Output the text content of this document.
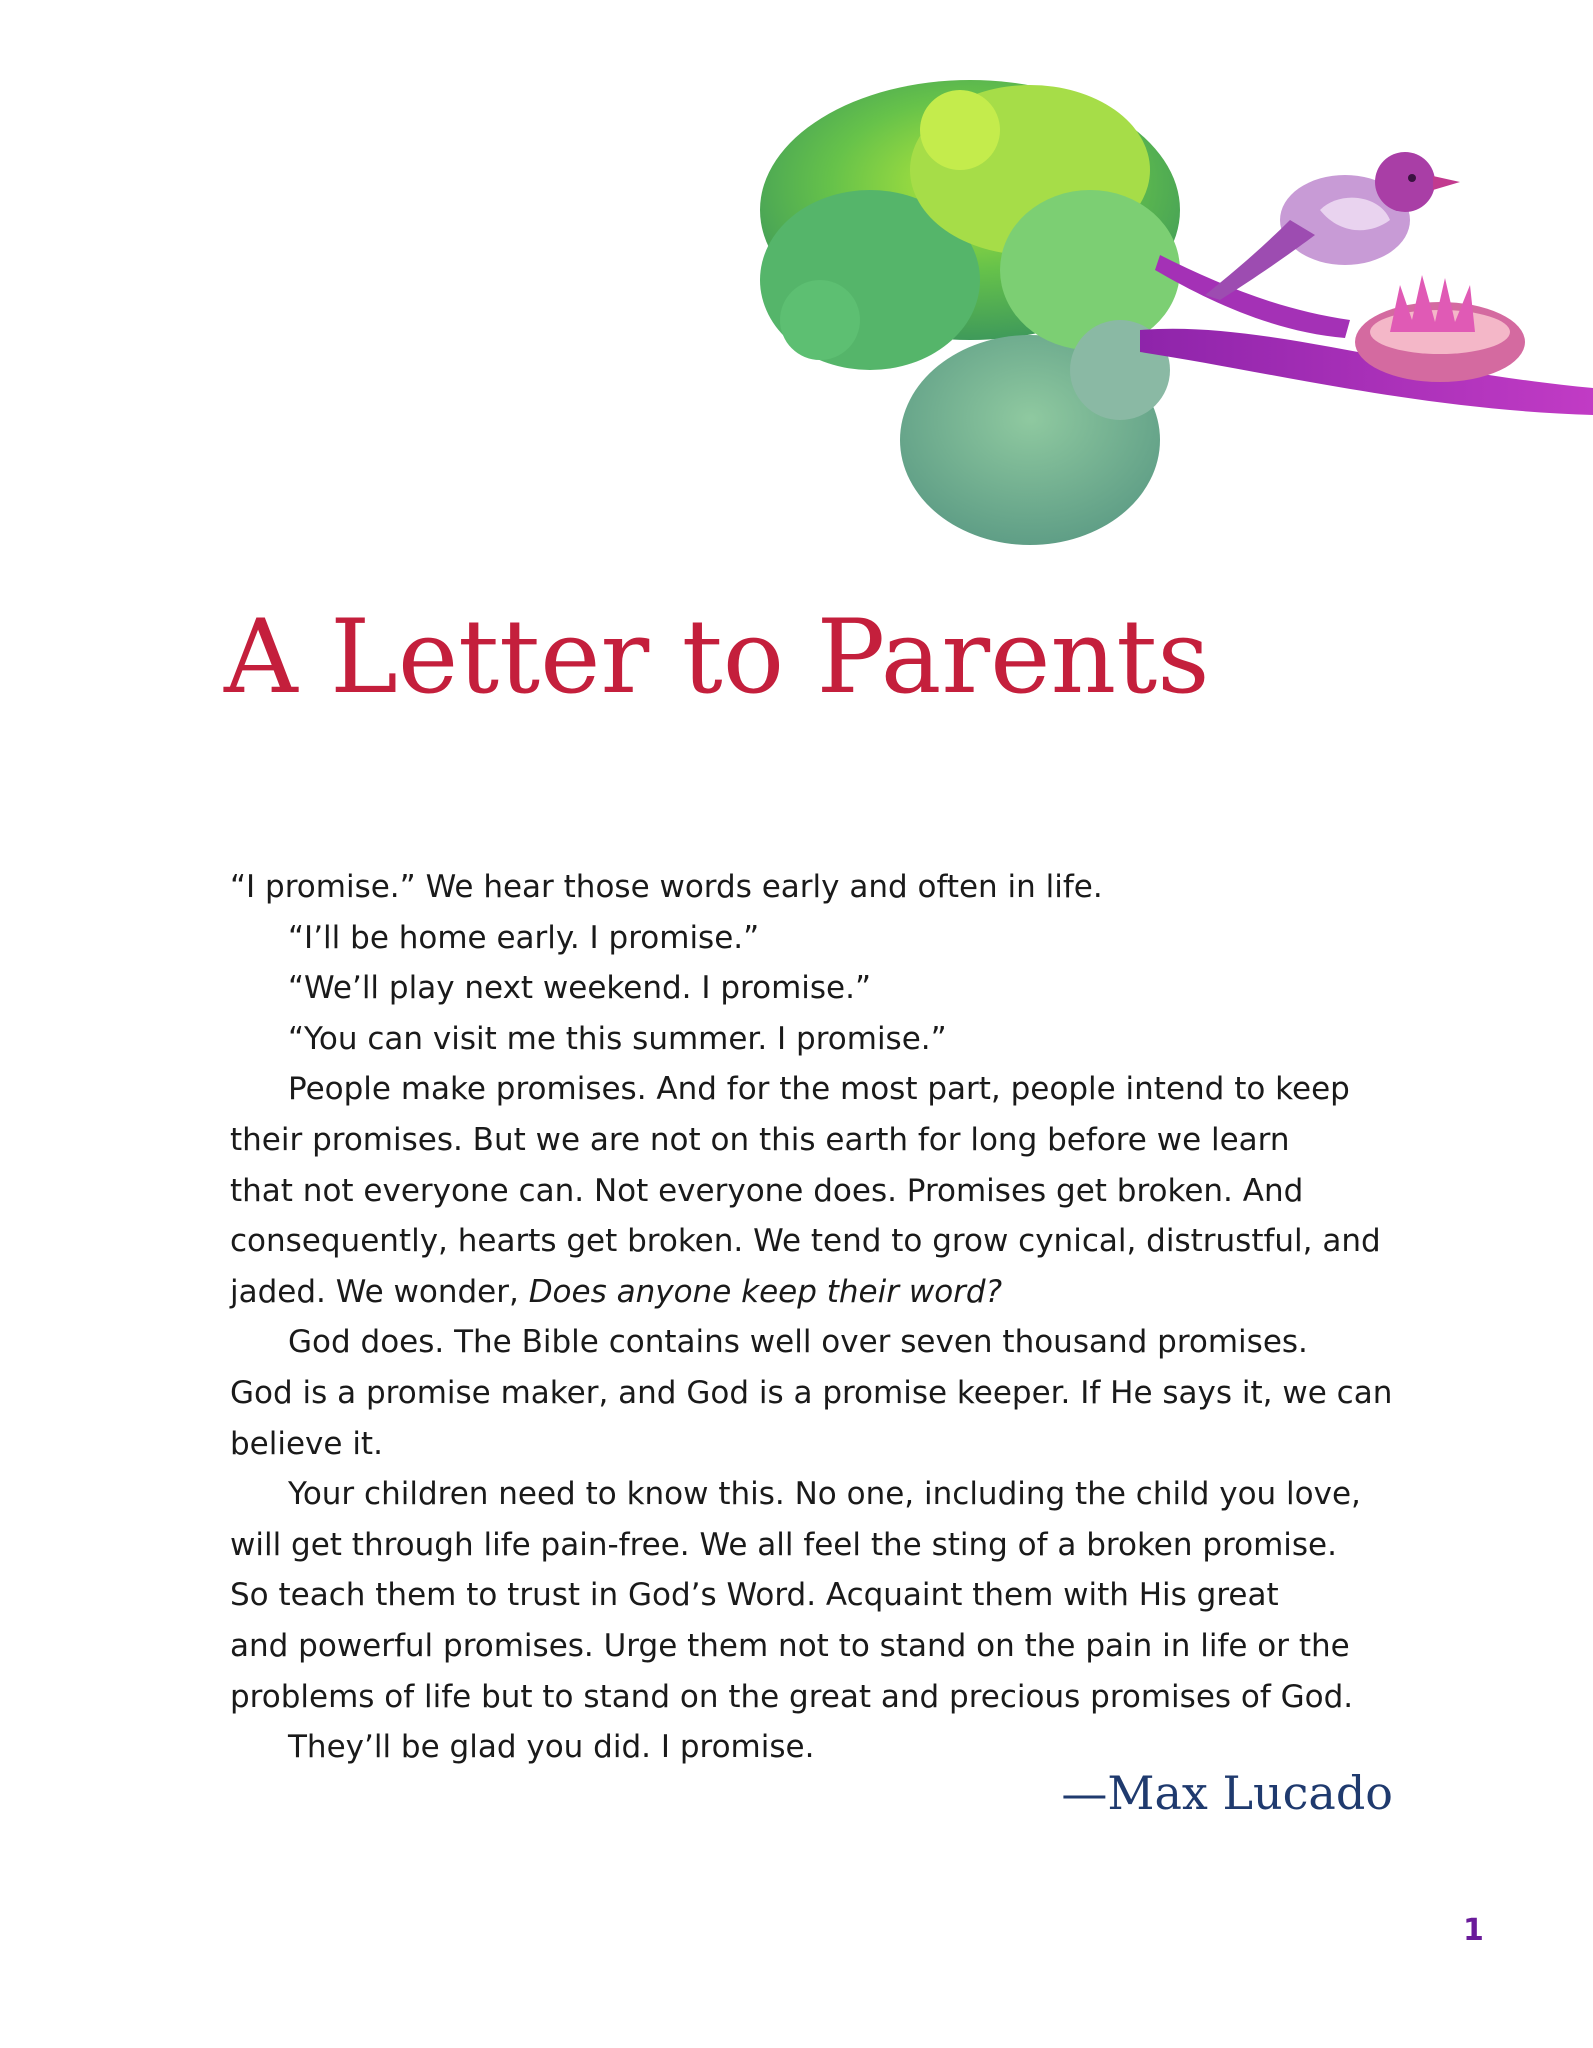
A Letter to Parents

“I promise.” We hear those words early and often in life.

“I’ll be home early. I promise.”

“We’ll play next weekend. I promise.”

“You can visit me this summer. I promise.”

People make promises. And for the most part, people intend to keep

their promises. But we are not on this earth for long before we learn

that not everyone can. Not everyone does. Promises get broken. And

consequently, hearts get broken. We tend to grow cynical, distrustful, and

jaded. We wonder, Does anyone keep their word?

God does. The Bible contains well over seven thousand promises.

God is a promise maker, and God is a promise keeper. If He says it, we can

believe it.

Your children need to know this. No one, including the child you love,

will get through life pain-free. We all feel the sting of a broken promise.

So teach them to trust in God’s Word. Acquaint them with His great

and powerful promises. Urge them not to stand on the pain in life or the

problems of life but to stand on the great and precious promises of God.

They’ll be glad you did. I promise.

—Max Lucado
1
